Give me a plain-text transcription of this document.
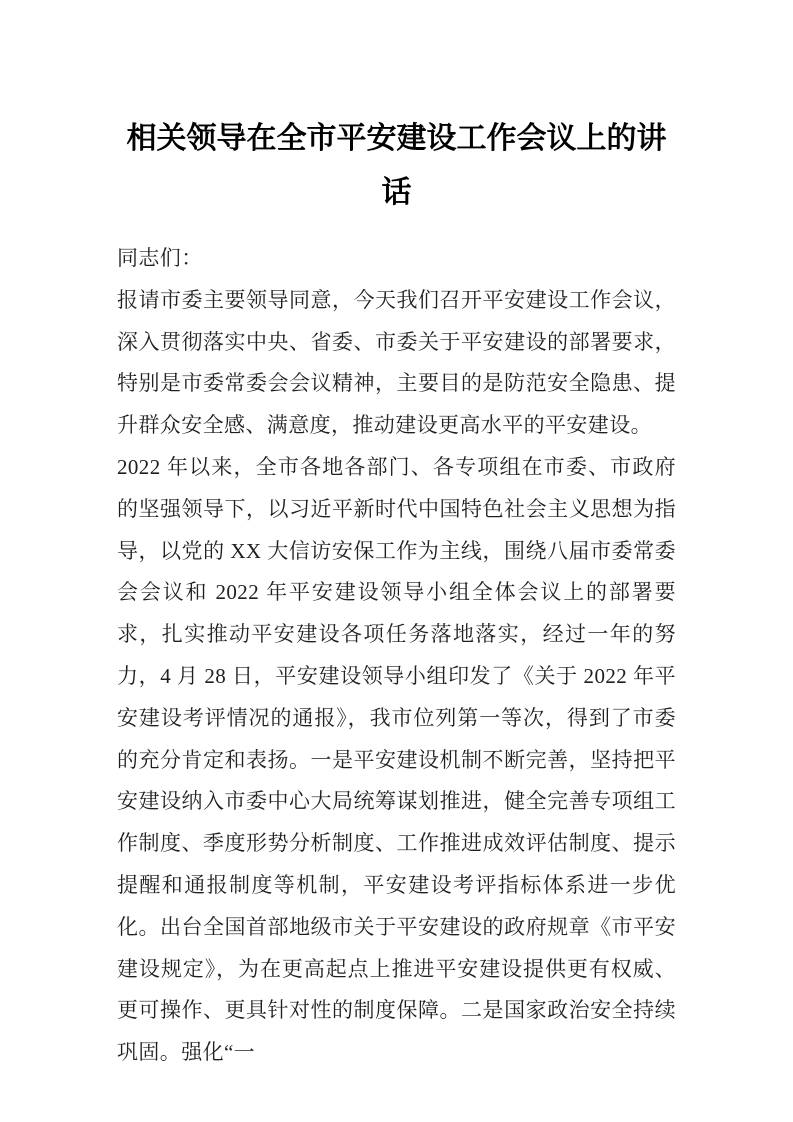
相关领导在全市平安建设工作会议上的讲话

同志们：

报请市委主要领导同意，今天我们召开平安建设工作会议，深入贯彻落实中央、省委、市委关于平安建设的部署要求，特别是市委常委会会议精神，主要目的是防范安全隐患、提升群众安全感、满意度，推动建设更高水平的平安建设。

2022 年以来，全市各地各部门、各专项组在市委、市政府的坚强领导下，以习近平新时代中国特色社会主义思想为指导，以党的 XX 大信访安保工作为主线，围绕八届市委常委会会议和 2022 年平安建设领导小组全体会议上的部署要求，扎实推动平安建设各项任务落地落实，经过一年的努力，4 月 28 日，平安建设领导小组印发了《关于 2022 年平安建设考评情况的通报》，我市位列第一等次，得到了市委的充分肯定和表扬。一是平安建设机制不断完善，坚持把平安建设纳入市委中心大局统筹谋划推进，健全完善专项组工作制度、季度形势分析制度、工作推进成效评估制度、提示提醒和通报制度等机制，平安建设考评指标体系进一步优化。出台全国首部地级市关于平安建设的政府规章《市平安建设规定》，为在更高起点上推进平安建设提供更有权威、更可操作、更具针对性的制度保障。二是国家政治安全持续巩固。强化“一
